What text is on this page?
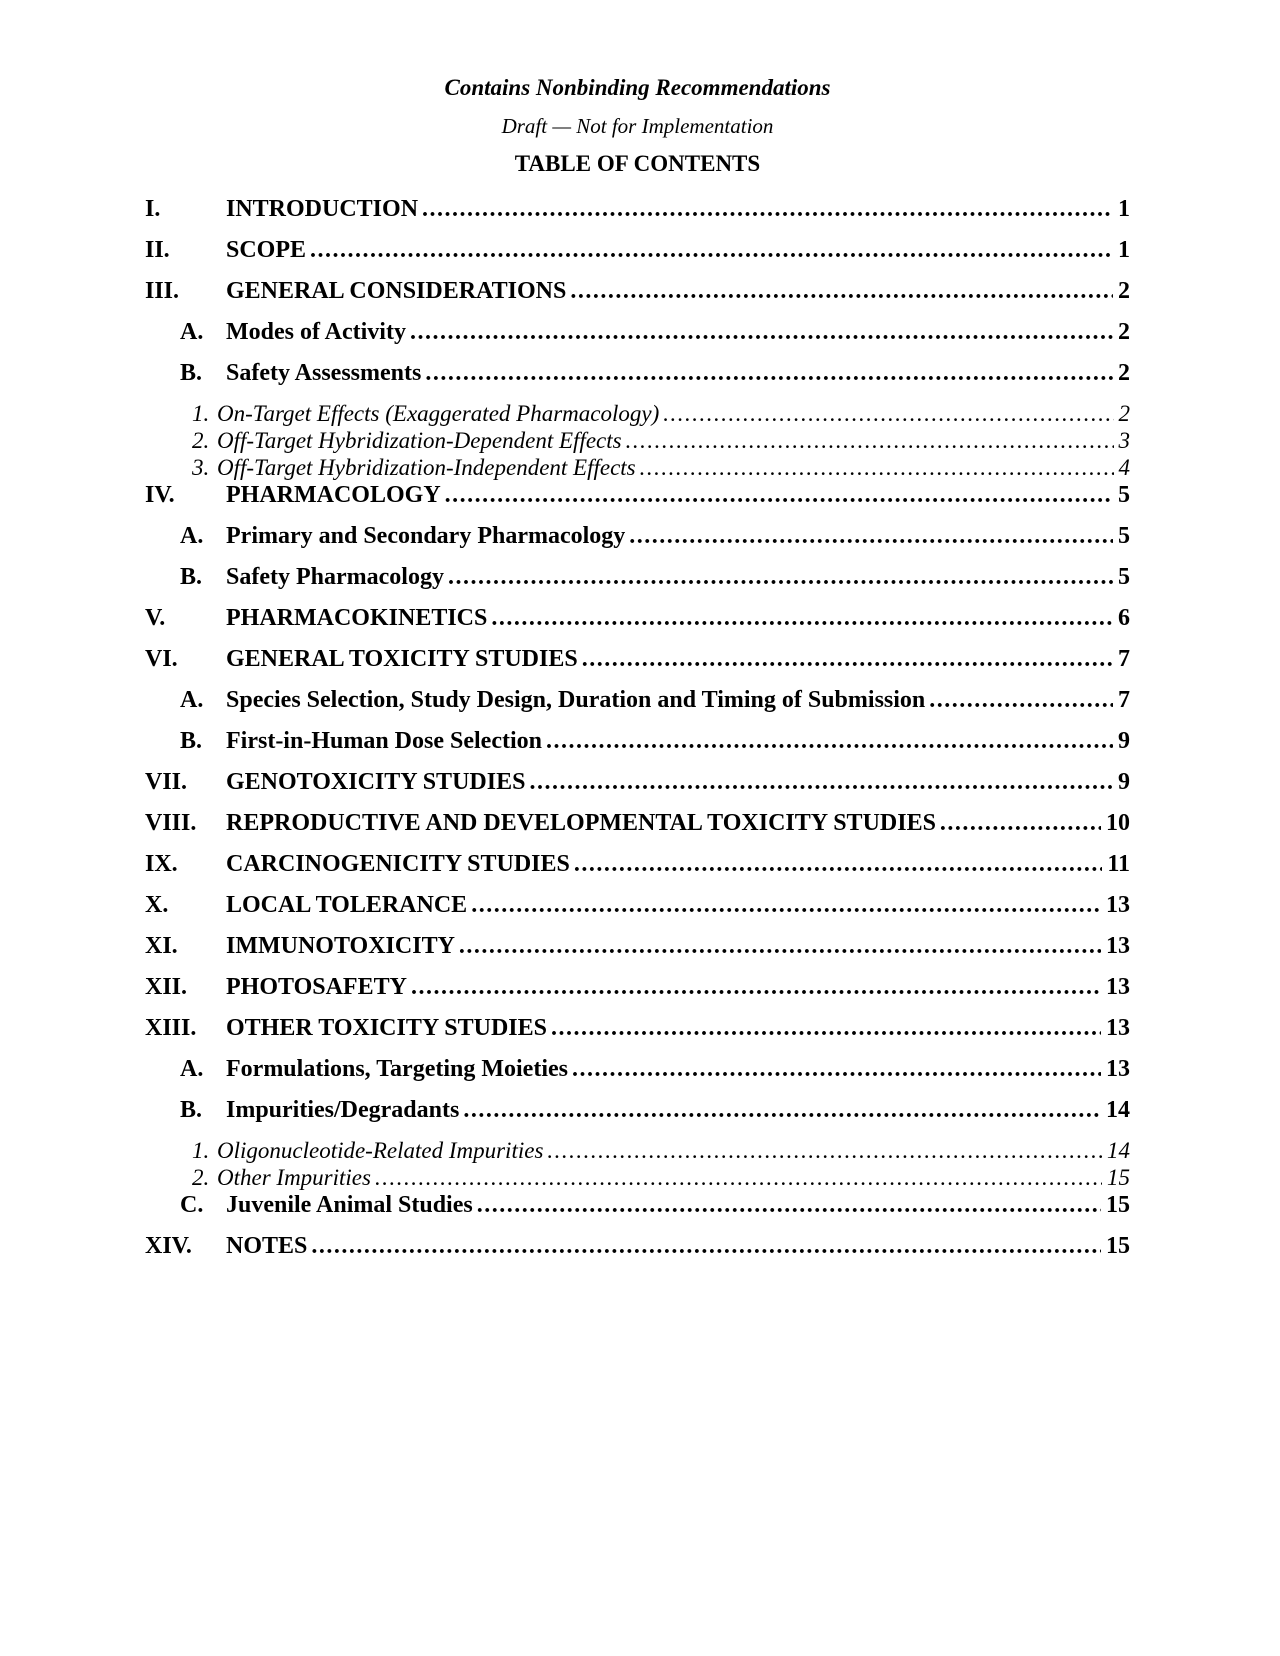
Contains Nonbinding Recommendations
Draft — Not for Implementation
TABLE OF CONTENTS
I.	INTRODUCTION .....	1
II.	SCOPE .....	1
III.	GENERAL CONSIDERATIONS .....	2
A. Modes of Activity .....	2
B. Safety Assessments .....	2
1. On-Target Effects (Exaggerated Pharmacology) .....	2
2. Off-Target Hybridization-Dependent Effects .....	3
3. Off-Target Hybridization-Independent Effects .....	4
IV.	PHARMACOLOGY .....	5
A. Primary and Secondary Pharmacology .....	5
B. Safety Pharmacology .....	5
V.	PHARMACOKINETICS .....	6
VI.	GENERAL TOXICITY STUDIES .....	7
A. Species Selection, Study Design, Duration and Timing of Submission .....	7
B. First-in-Human Dose Selection .....	9
VII.	GENOTOXICITY STUDIES .....	9
VIII.	REPRODUCTIVE AND DEVELOPMENTAL TOXICITY STUDIES .....	10
IX.	CARCINOGENICITY STUDIES .....	11
X.	LOCAL TOLERANCE .....	13
XI.	IMMUNOTOXICITY .....	13
XII.	PHOTOSAFETY .....	13
XIII.	OTHER TOXICITY STUDIES .....	13
A. Formulations, Targeting Moieties .....	13
B. Impurities/Degradants .....	14
1. Oligonucleotide-Related Impurities .....	14
2. Other Impurities .....	15
C. Juvenile Animal Studies .....	15
XIV.	NOTES .....	15
